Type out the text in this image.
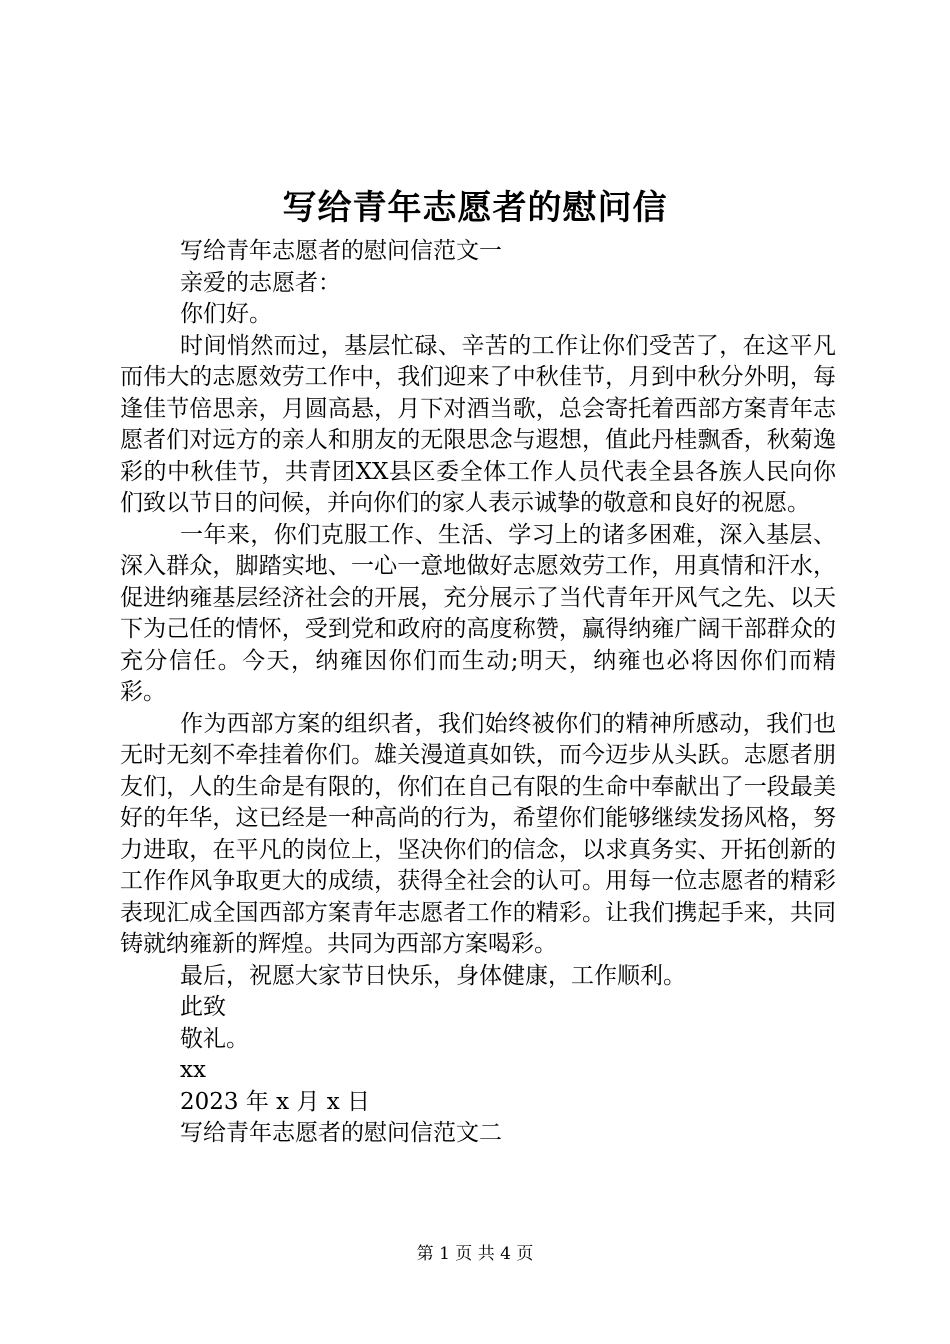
写给青年志愿者的慰问信

写给青年志愿者的慰问信范文一

亲爱的志愿者：

你们好。

时间悄然而过，基层忙碌、辛苦的工作让你们受苦了，在这平凡而伟大的志愿效劳工作中，我们迎来了中秋佳节，月到中秋分外明，每逢佳节倍思亲，月圆高悬，月下对酒当歌，总会寄托着西部方案青年志愿者们对远方的亲人和朋友的无限思念与遐想，值此丹桂飘香，秋菊逸彩的中秋佳节，共青团XX县区委全体工作人员代表全县各族人民向你们致以节日的问候，并向你们的家人表示诚挚的敬意和良好的祝愿。

一年来，你们克服工作、生活、学习上的诸多困难，深入基层、深入群众，脚踏实地、一心一意地做好志愿效劳工作，用真情和汗水，促进纳雍基层经济社会的开展，充分展示了当代青年开风气之先、以天下为己任的情怀，受到党和政府的高度称赞，赢得纳雍广阔干部群众的充分信任。今天，纳雍因你们而生动;明天，纳雍也必将因你们而精彩。

作为西部方案的组织者，我们始终被你们的精神所感动，我们也无时无刻不牵挂着你们。雄关漫道真如铁，而今迈步从头跃。志愿者朋友们，人的生命是有限的，你们在自己有限的生命中奉献出了一段最美好的年华，这已经是一种高尚的行为，希望你们能够继续发扬风格，努力进取，在平凡的岗位上，坚决你们的信念，以求真务实、开拓创新的工作作风争取更大的成绩，获得全社会的认可。用每一位志愿者的精彩表现汇成全国西部方案青年志愿者工作的精彩。让我们携起手来，共同铸就纳雍新的辉煌。共同为西部方案喝彩。

最后，祝愿大家节日快乐，身体健康，工作顺利。

此致

敬礼。

xx

2023 年 x 月 x 日

写给青年志愿者的慰问信范文二

第 1 页 共 4 页
